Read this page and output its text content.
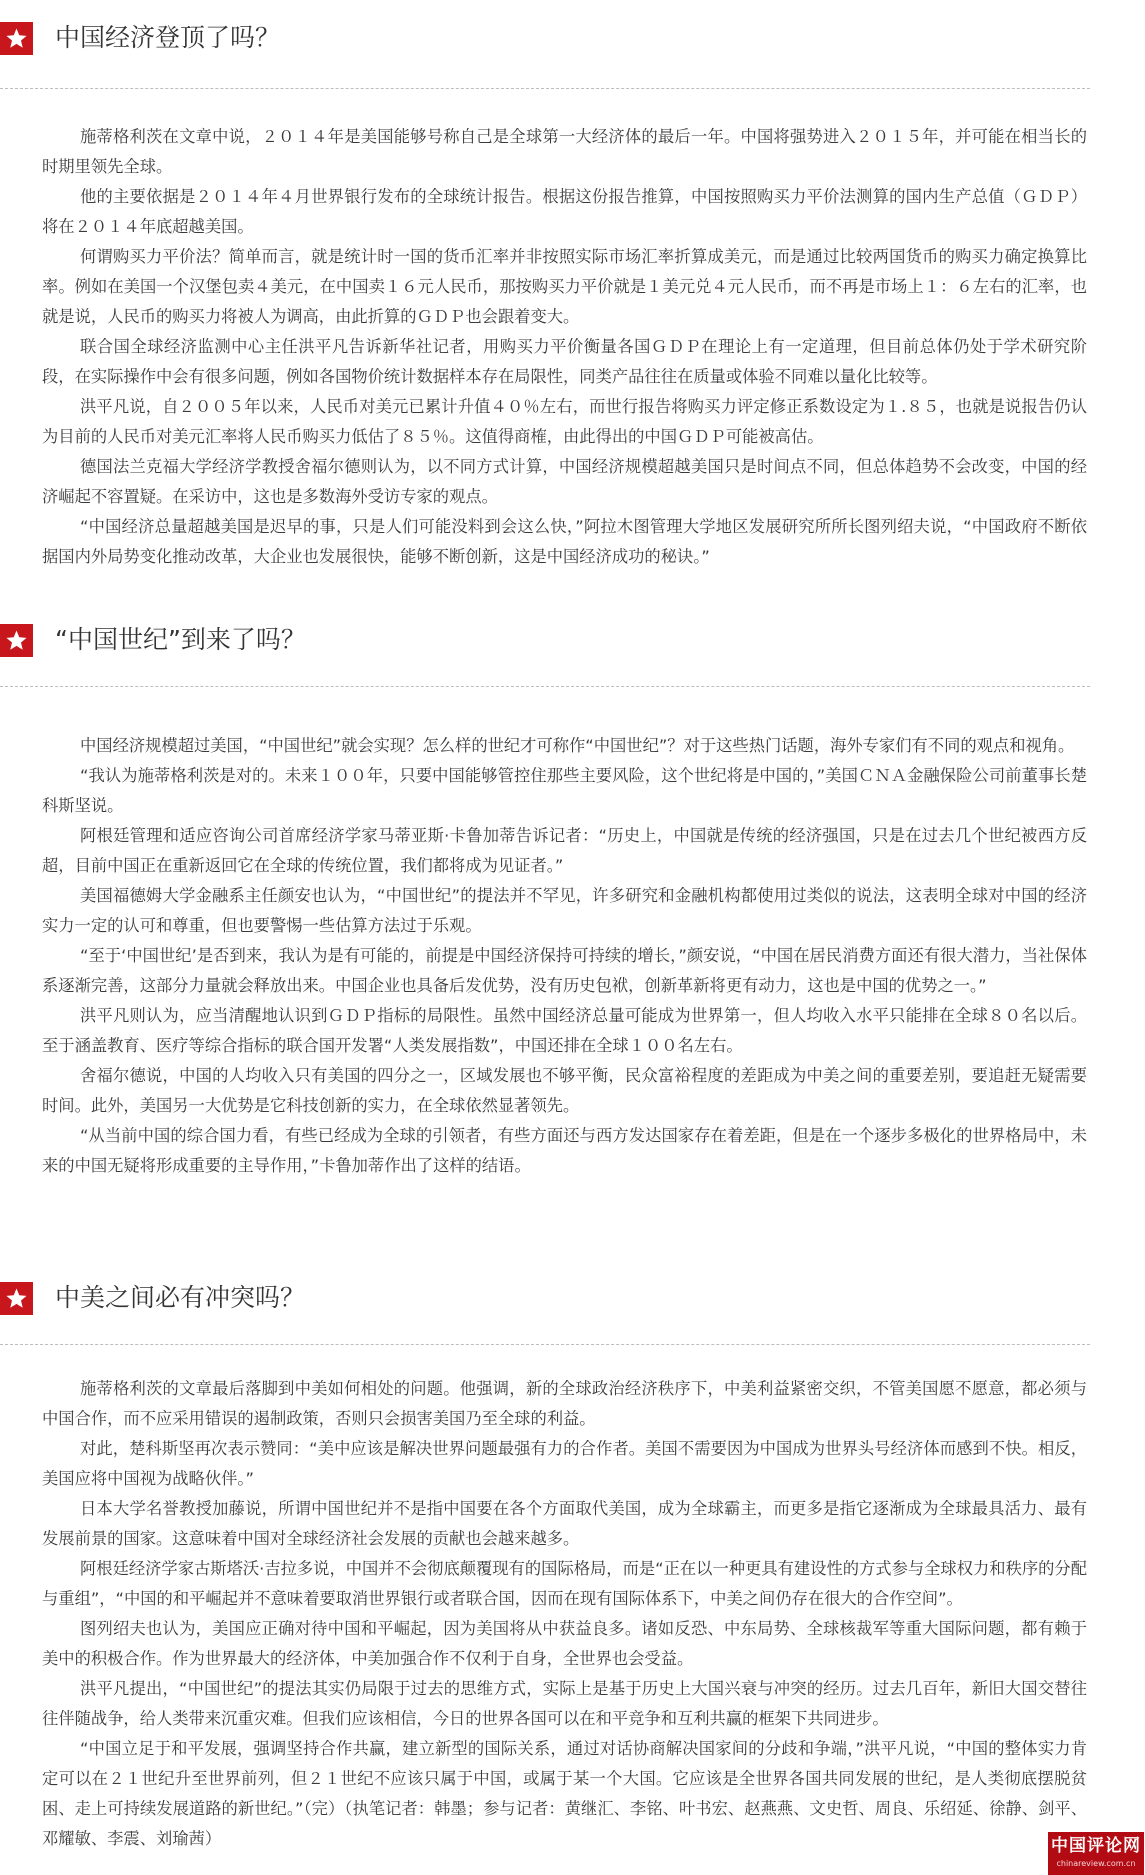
中国经济登顶了吗？

施蒂格利茨在文章中说，２０１４年是美国能够号称自己是全球第一大经济体的最后一年。中国将强势进入２０１５年，并可能在相当长的时期里领先全球。

他的主要依据是２０１４年４月世界银行发布的全球统计报告。根据这份报告推算，中国按照购买力平价法测算的国内生产总值（ＧＤＰ）将在２０１４年底超越美国。

何谓购买力平价法？简单而言，就是统计时一国的货币汇率并非按照实际市场汇率折算成美元，而是通过比较两国货币的购买力确定换算比率。例如在美国一个汉堡包卖４美元，在中国卖１６元人民币，那按购买力平价就是１美元兑４元人民币，而不再是市场上１：６左右的汇率，也就是说，人民币的购买力将被人为调高，由此折算的ＧＤＰ也会跟着变大。

联合国全球经济监测中心主任洪平凡告诉新华社记者，用购买力平价衡量各国ＧＤＰ在理论上有一定道理，但目前总体仍处于学术研究阶段，在实际操作中会有很多问题，例如各国物价统计数据样本存在局限性，同类产品往往在质量或体验不同难以量化比较等。

洪平凡说，自２００５年以来，人民币对美元已累计升值４０％左右，而世行报告将购买力评定修正系数设定为１.８５，也就是说报告仍认为目前的人民币对美元汇率将人民币购买力低估了８５％。这值得商榷，由此得出的中国ＧＤＰ可能被高估。

德国法兰克福大学经济学教授舍福尔德则认为，以不同方式计算，中国经济规模超越美国只是时间点不同，但总体趋势不会改变，中国的经济崛起不容置疑。在采访中，这也是多数海外受访专家的观点。

“中国经济总量超越美国是迟早的事，只是人们可能没料到会这么快，”阿拉木图管理大学地区发展研究所所长图列绍夫说，“中国政府不断依据国内外局势变化推动改革，大企业也发展很快，能够不断创新，这是中国经济成功的秘诀。”

“中国世纪”到来了吗？

中国经济规模超过美国，“中国世纪”就会实现？怎么样的世纪才可称作“中国世纪”？对于这些热门话题，海外专家们有不同的观点和视角。

“我认为施蒂格利茨是对的。未来１００年，只要中国能够管控住那些主要风险，这个世纪将是中国的，”美国ＣＮＡ金融保险公司前董事长楚科斯坚说。

阿根廷管理和适应咨询公司首席经济学家马蒂亚斯·卡鲁加蒂告诉记者：“历史上，中国就是传统的经济强国，只是在过去几个世纪被西方反超，目前中国正在重新返回它在全球的传统位置，我们都将成为见证者。”

美国福德姆大学金融系主任颜安也认为，“中国世纪”的提法并不罕见，许多研究和金融机构都使用过类似的说法，这表明全球对中国的经济实力一定的认可和尊重，但也要警惕一些估算方法过于乐观。

“至于‘中国世纪’是否到来，我认为是有可能的，前提是中国经济保持可持续的增长，”颜安说，“中国在居民消费方面还有很大潜力，当社保体系逐渐完善，这部分力量就会释放出来。中国企业也具备后发优势，没有历史包袱，创新革新将更有动力，这也是中国的优势之一。”

洪平凡则认为，应当清醒地认识到ＧＤＰ指标的局限性。虽然中国经济总量可能成为世界第一，但人均收入水平只能排在全球８０名以后。至于涵盖教育、医疗等综合指标的联合国开发署“人类发展指数”，中国还排在全球１００名左右。

舍福尔德说，中国的人均收入只有美国的四分之一，区域发展也不够平衡，民众富裕程度的差距成为中美之间的重要差别，要追赶无疑需要时间。此外，美国另一大优势是它科技创新的实力，在全球依然显著领先。

“从当前中国的综合国力看，有些已经成为全球的引领者，有些方面还与西方发达国家存在着差距，但是在一个逐步多极化的世界格局中，未来的中国无疑将形成重要的主导作用，”卡鲁加蒂作出了这样的结语。

中美之间必有冲突吗？

施蒂格利茨的文章最后落脚到中美如何相处的问题。他强调，新的全球政治经济秩序下，中美利益紧密交织，不管美国愿不愿意，都必须与中国合作，而不应采用错误的遏制政策，否则只会损害美国乃至全球的利益。

对此，楚科斯坚再次表示赞同：“美中应该是解决世界问题最强有力的合作者。美国不需要因为中国成为世界头号经济体而感到不快。相反，美国应将中国视为战略伙伴。”

日本大学名誉教授加藤说，所谓中国世纪并不是指中国要在各个方面取代美国，成为全球霸主，而更多是指它逐渐成为全球最具活力、最有发展前景的国家。这意味着中国对全球经济社会发展的贡献也会越来越多。

阿根廷经济学家古斯塔沃·吉拉多说，中国并不会彻底颠覆现有的国际格局，而是“正在以一种更具有建设性的方式参与全球权力和秩序的分配与重组”，“中国的和平崛起并不意味着要取消世界银行或者联合国，因而在现有国际体系下，中美之间仍存在很大的合作空间”。

图列绍夫也认为，美国应正确对待中国和平崛起，因为美国将从中获益良多。诸如反恐、中东局势、全球核裁军等重大国际问题，都有赖于美中的积极合作。作为世界最大的经济体，中美加强合作不仅利于自身，全世界也会受益。

洪平凡提出，“中国世纪”的提法其实仍局限于过去的思维方式，实际上是基于历史上大国兴衰与冲突的经历。过去几百年，新旧大国交替往往伴随战争，给人类带来沉重灾难。但我们应该相信，今日的世界各国可以在和平竞争和互利共赢的框架下共同进步。

“中国立足于和平发展，强调坚持合作共赢，建立新型的国际关系，通过对话协商解决国家间的分歧和争端，”洪平凡说，“中国的整体实力肯定可以在２１世纪升至世界前列，但２１世纪不应该只属于中国，或属于某一个大国。它应该是全世界各国共同发展的世纪，是人类彻底摆脱贫困、走上可持续发展道路的新世纪。”（完）（执笔记者：韩墨；参与记者：黄继汇、李铭、叶书宏、赵燕燕、文史哲、周良、乐绍延、徐静、剑平、邓耀敏、李震、刘瑜茜）	中国评论网
chinareview.com.cn
